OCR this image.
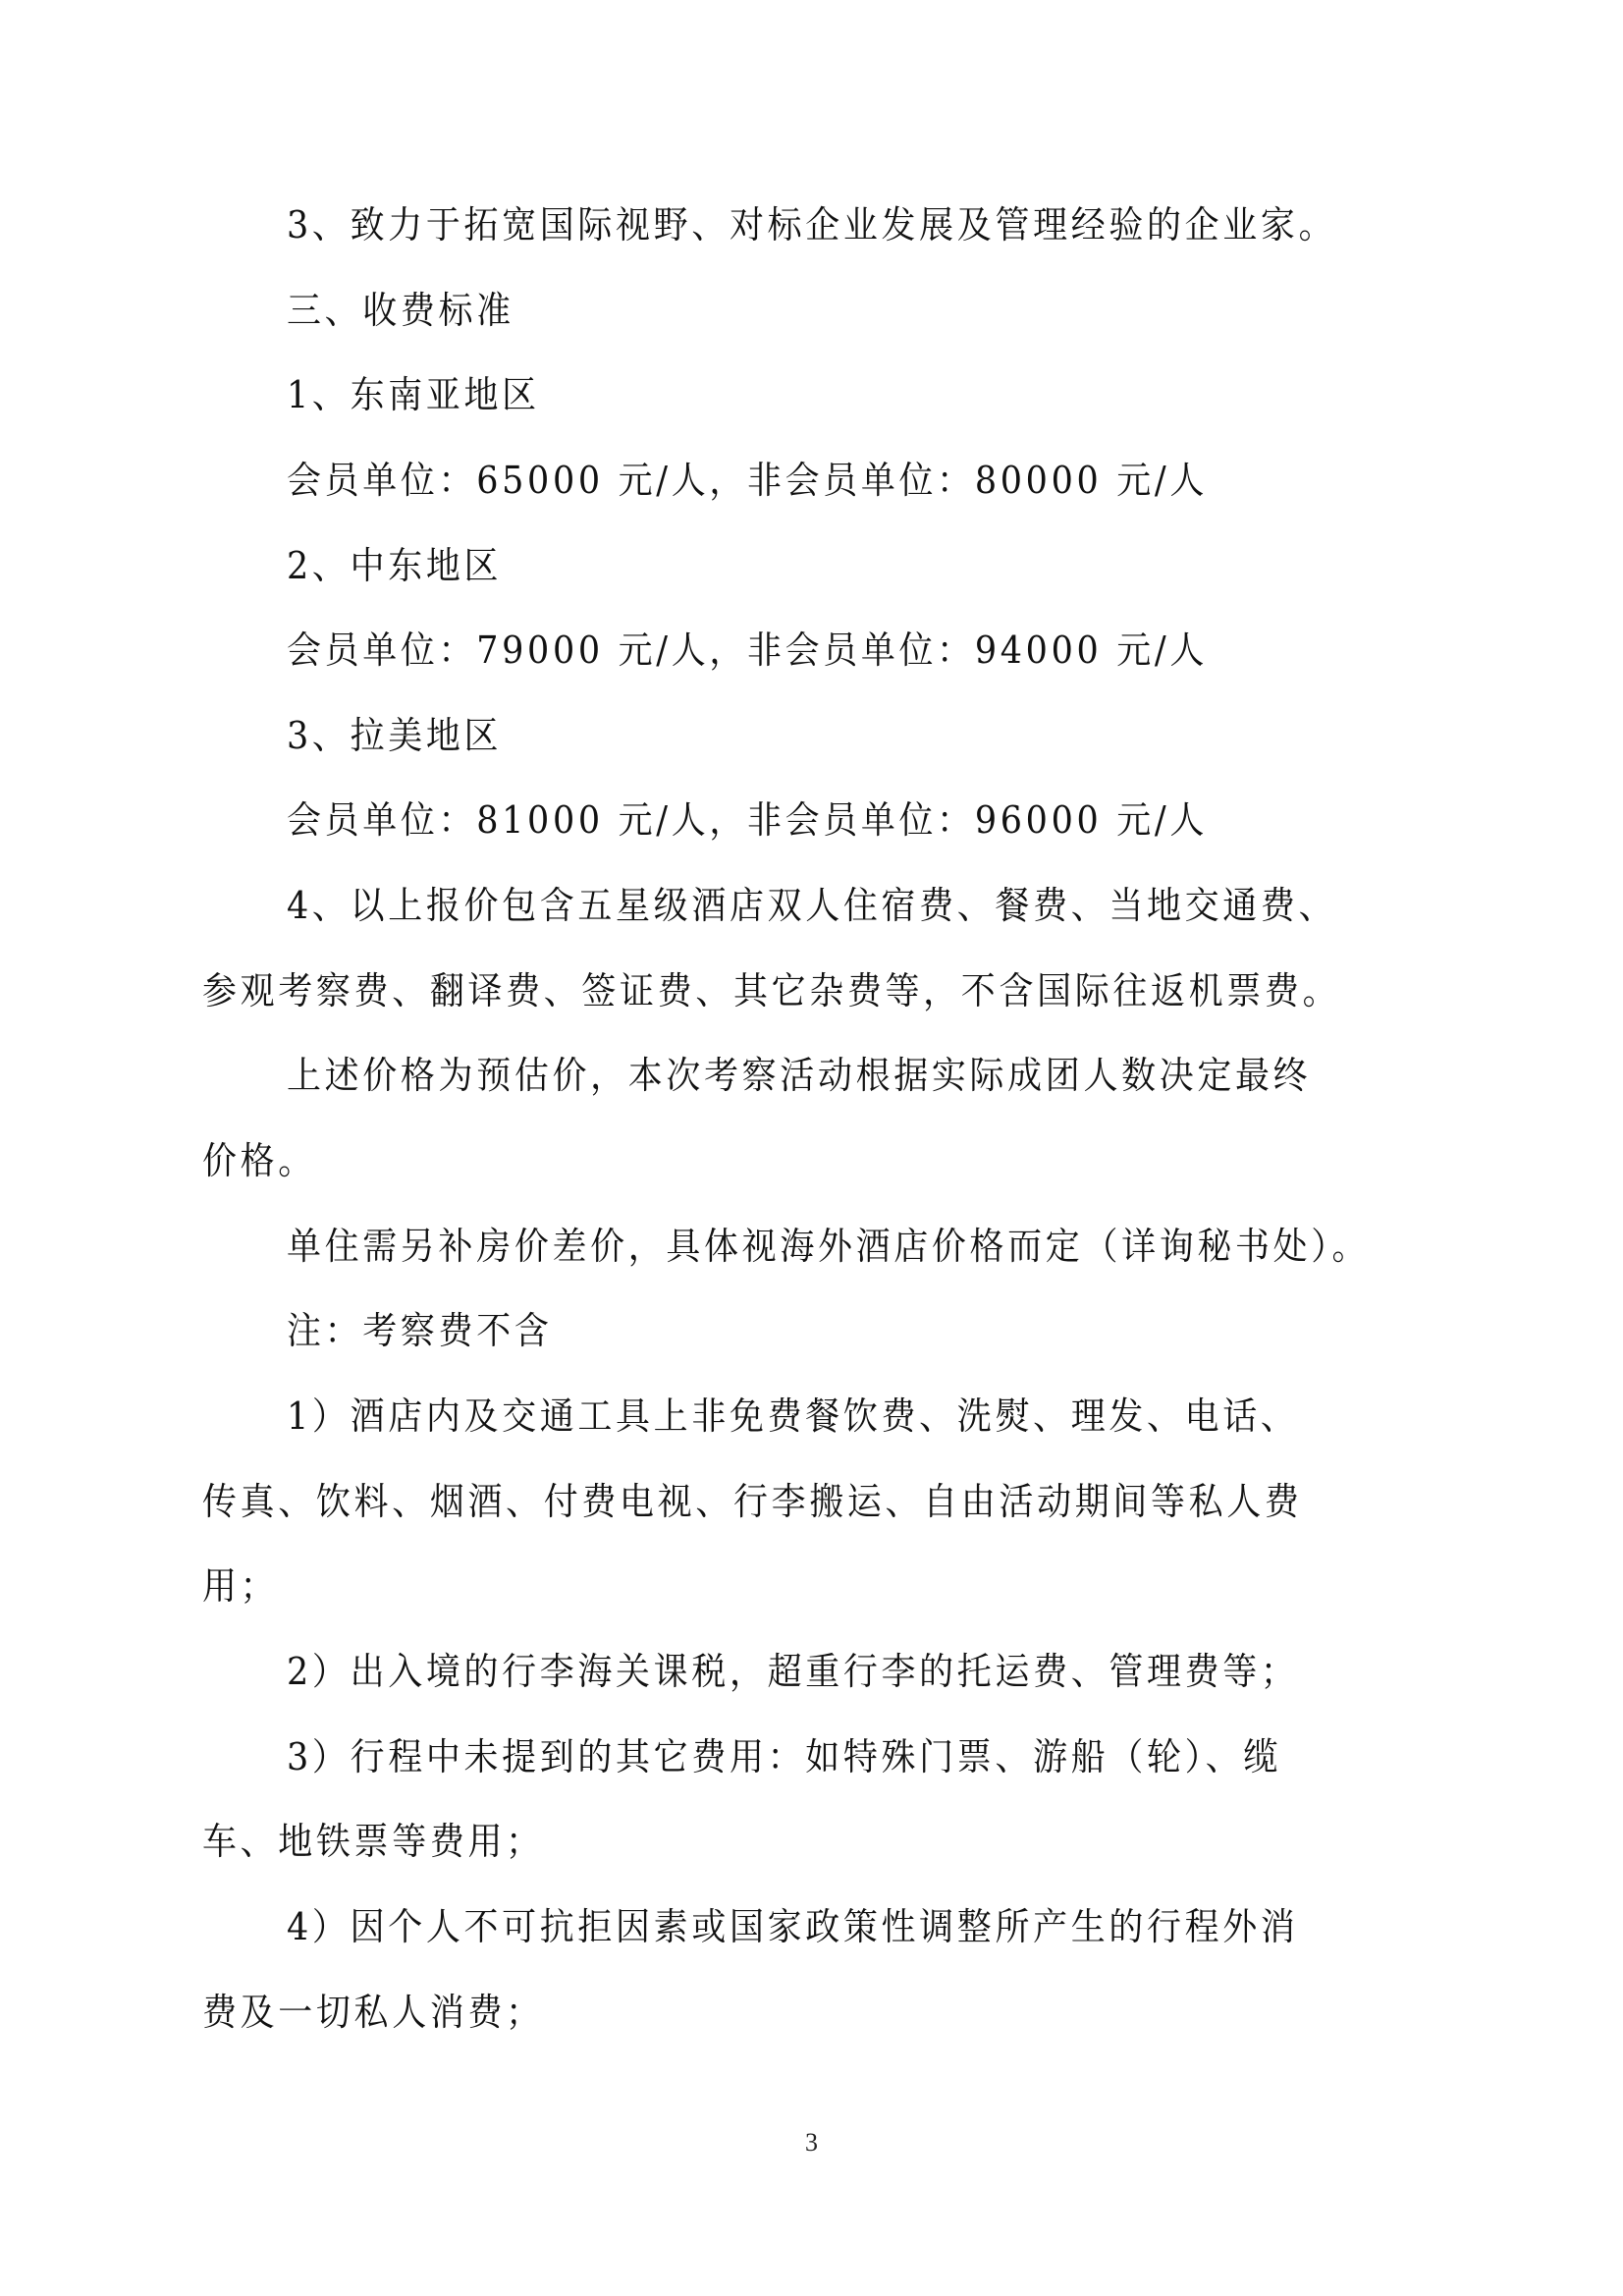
3、致力于拓宽国际视野、对标企业发展及管理经验的企业家。
三、收费标准
1、东南亚地区
会员单位：65000 元/人，非会员单位：80000 元/人
2、中东地区
会员单位：79000 元/人，非会员单位：94000 元/人
3、拉美地区
会员单位：81000 元/人，非会员单位：96000 元/人
4、以上报价包含五星级酒店双人住宿费、餐费、当地交通费、
参观考察费、翻译费、签证费、其它杂费等，不含国际往返机票费。
上述价格为预估价，本次考察活动根据实际成团人数决定最终
价格。
单住需另补房价差价，具体视海外酒店价格而定（详询秘书处）。
注：考察费不含
1）酒店内及交通工具上非免费餐饮费、洗熨、理发、电话、
传真、饮料、烟酒、付费电视、行李搬运、自由活动期间等私人费
用；
2）出入境的行李海关课税，超重行李的托运费、管理费等；
3）行程中未提到的其它费用：如特殊门票、游船（轮）、缆
车、地铁票等费用；
4）因个人不可抗拒因素或国家政策性调整所产生的行程外消
费及一切私人消费；
3
